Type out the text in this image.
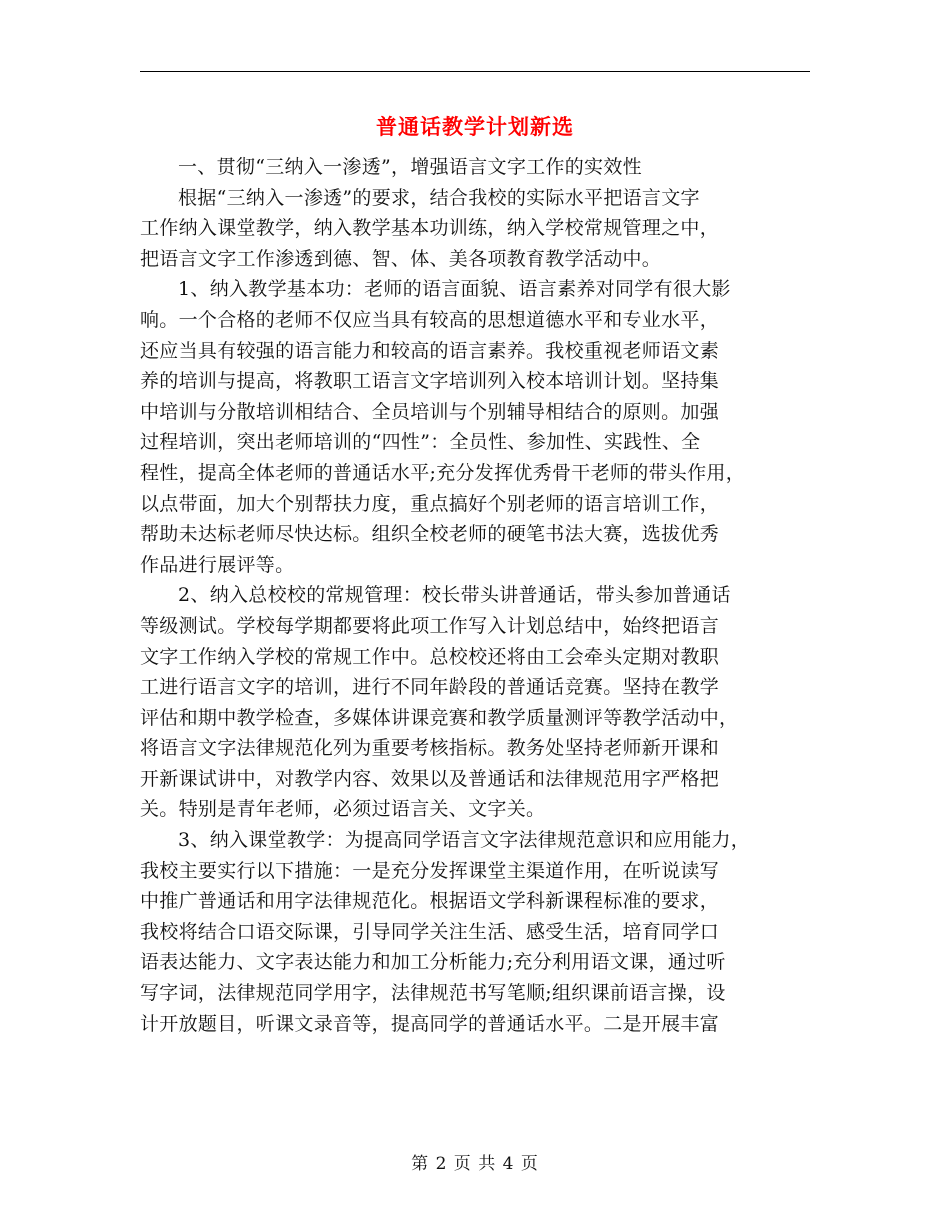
普通话教学计划新选
一、贯彻“三纳入一渗透”，增强语言文字工作的实效性
根据“三纳入一渗透”的要求，结合我校的实际水平把语言文字
工作纳入课堂教学，纳入教学基本功训练，纳入学校常规管理之中，
把语言文字工作渗透到德、智、体、美各项教育教学活动中。
1、纳入教学基本功：老师的语言面貌、语言素养对同学有很大影
响。一个合格的老师不仅应当具有较高的思想道德水平和专业水平，
还应当具有较强的语言能力和较高的语言素养。我校重视老师语文素
养的培训与提高，将教职工语言文字培训列入校本培训计划。坚持集
中培训与分散培训相结合、全员培训与个别辅导相结合的原则。加强
过程培训，突出老师培训的“四性”：全员性、参加性、实践性、全
程性，提高全体老师的普通话水平;充分发挥优秀骨干老师的带头作用，
以点带面，加大个别帮扶力度，重点搞好个别老师的语言培训工作，
帮助未达标老师尽快达标。组织全校老师的硬笔书法大赛，选拔优秀
作品进行展评等。
2、纳入总校校的常规管理：校长带头讲普通话，带头参加普通话
等级测试。学校每学期都要将此项工作写入计划总结中，始终把语言
文字工作纳入学校的常规工作中。总校校还将由工会牵头定期对教职
工进行语言文字的培训，进行不同年龄段的普通话竞赛。坚持在教学
评估和期中教学检查，多媒体讲课竞赛和教学质量测评等教学活动中，
将语言文字法律规范化列为重要考核指标。教务处坚持老师新开课和
开新课试讲中，对教学内容、效果以及普通话和法律规范用字严格把
关。特别是青年老师，必须过语言关、文字关。
3、纳入课堂教学：为提高同学语言文字法律规范意识和应用能力，
我校主要实行以下措施：一是充分发挥课堂主渠道作用，在听说读写
中推广普通话和用字法律规范化。根据语文学科新课程标准的要求，
我校将结合口语交际课，引导同学关注生活、感受生活，培育同学口
语表达能力、文字表达能力和加工分析能力;充分利用语文课，通过听
写字词，法律规范同学用字，法律规范书写笔顺;组织课前语言操，设
计开放题目，听课文录音等，提高同学的普通话水平。二是开展丰富
第 2 页 共 4 页
